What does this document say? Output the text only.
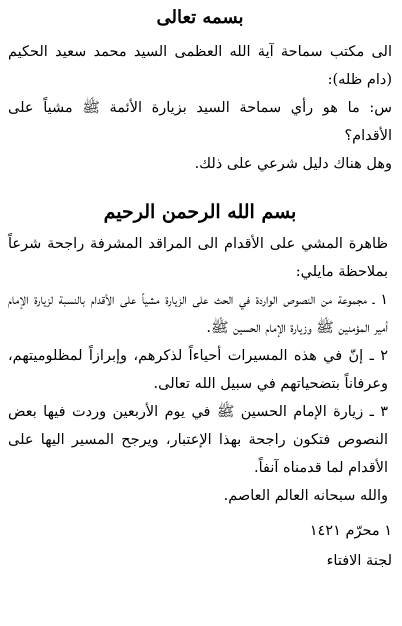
بسمه تعالى

الى مكتب سماحة آية الله العظمى السيد محمد سعيد الحكيم (دام ظله):

س: ما هو رأي سماحة السيد بزيارة الأئمة ﷺ مشياً على الأقدام؟

وهل هناك دليل شرعي على ذلك.

بسم الله الرحمن الرحيم

ظاهرة المشي على الأقدام الى المراقد المشرفة راجحة شرعاً بملاحظة مايلي:

١ ـ مجموعة من النصوص الواردة في الحث على الزيارة مشياً على الأقدام بالنسبة لزيارة الإمام أمير المؤمنين ﷺ وزيارة الإمام الحسين ﷺ.

٢ ـ إنّ في هذه المسيرات أحياءاً لذكرهم، وإبرازاً لمظلوميتهم، وعرفاناً بتضحياتهم في سبيل الله تعالى.

٣ ـ زيارة الإمام الحسين ﷺ في يوم الأربعين وردت فيها بعض النصوص فتكون راجحة بهذا الإعتبار، ويرجح المسير اليها على الأقدام لما قدمناه آنفاً.

والله سبحانه العالم العاصم.

١ محرّم ١٤٢١

لجنة الافتاء
